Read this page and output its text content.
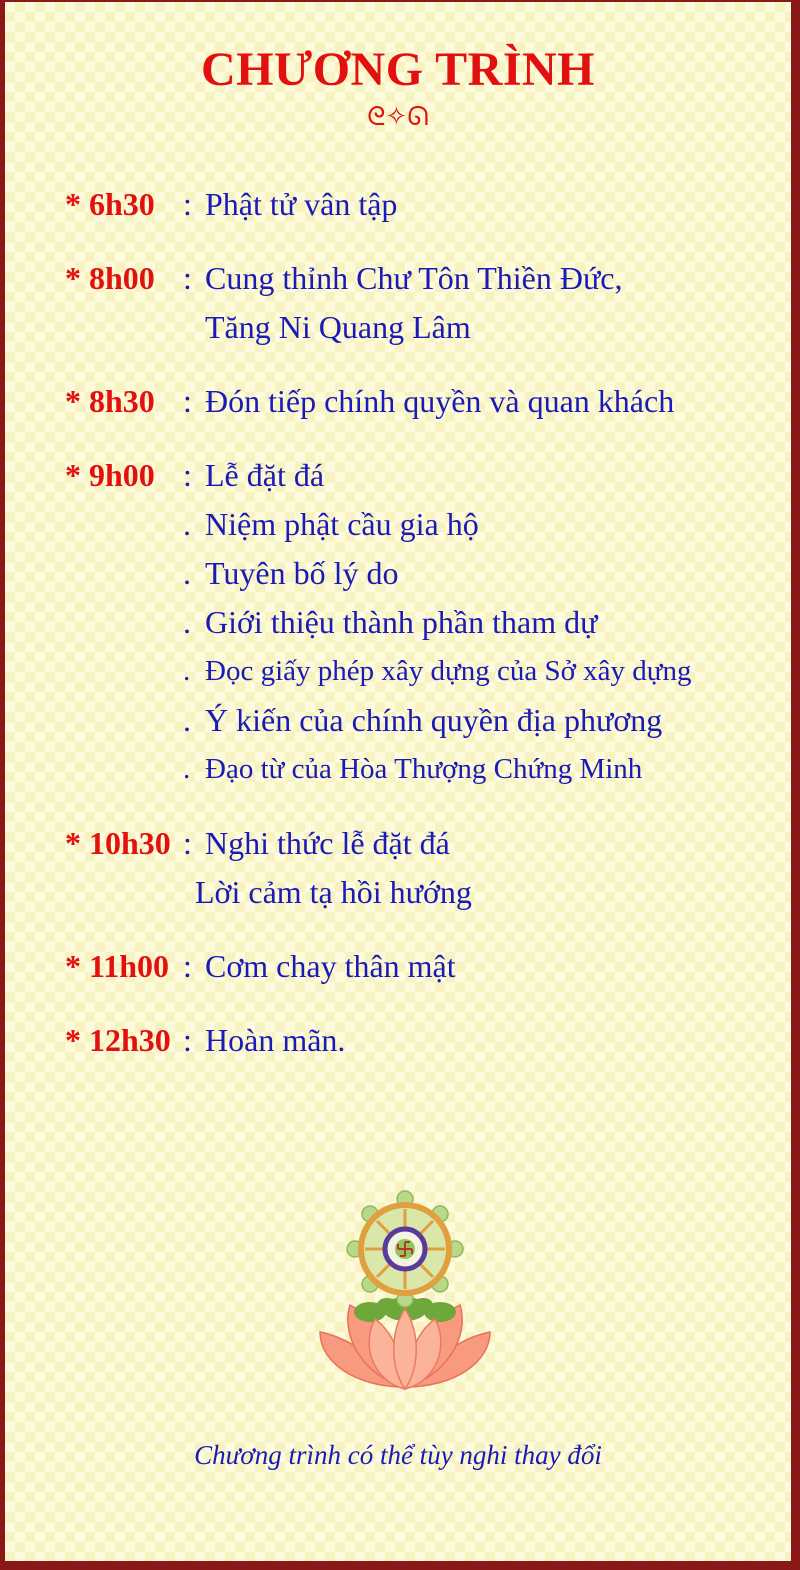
CHƯƠNG TRÌNH
ᘓ✧ᘏ
* 6h30 : Phật tử vân tập
* 8h00 : Cung thỉnh Chư Tôn Thiền Đức,
Tăng Ni Quang Lâm
* 8h30 : Đón tiếp chính quyền và quan khách
* 9h00 : Lễ đặt đá
. Niệm phật cầu gia hộ
. Tuyên bố lý do
. Giới thiệu thành phần tham dự
. Đọc giấy phép xây dựng của Sở xây dựng
. Ý kiến của chính quyền địa phương
. Đạo từ của Hòa Thượng Chứng Minh
* 10h30 : Nghi thức lễ đặt đá
Lời cảm tạ hồi hướng
* 11h00 : Cơm chay thân mật
* 12h30 : Hoàn mãn.
Chương trình có thể tùy nghi thay đổi
